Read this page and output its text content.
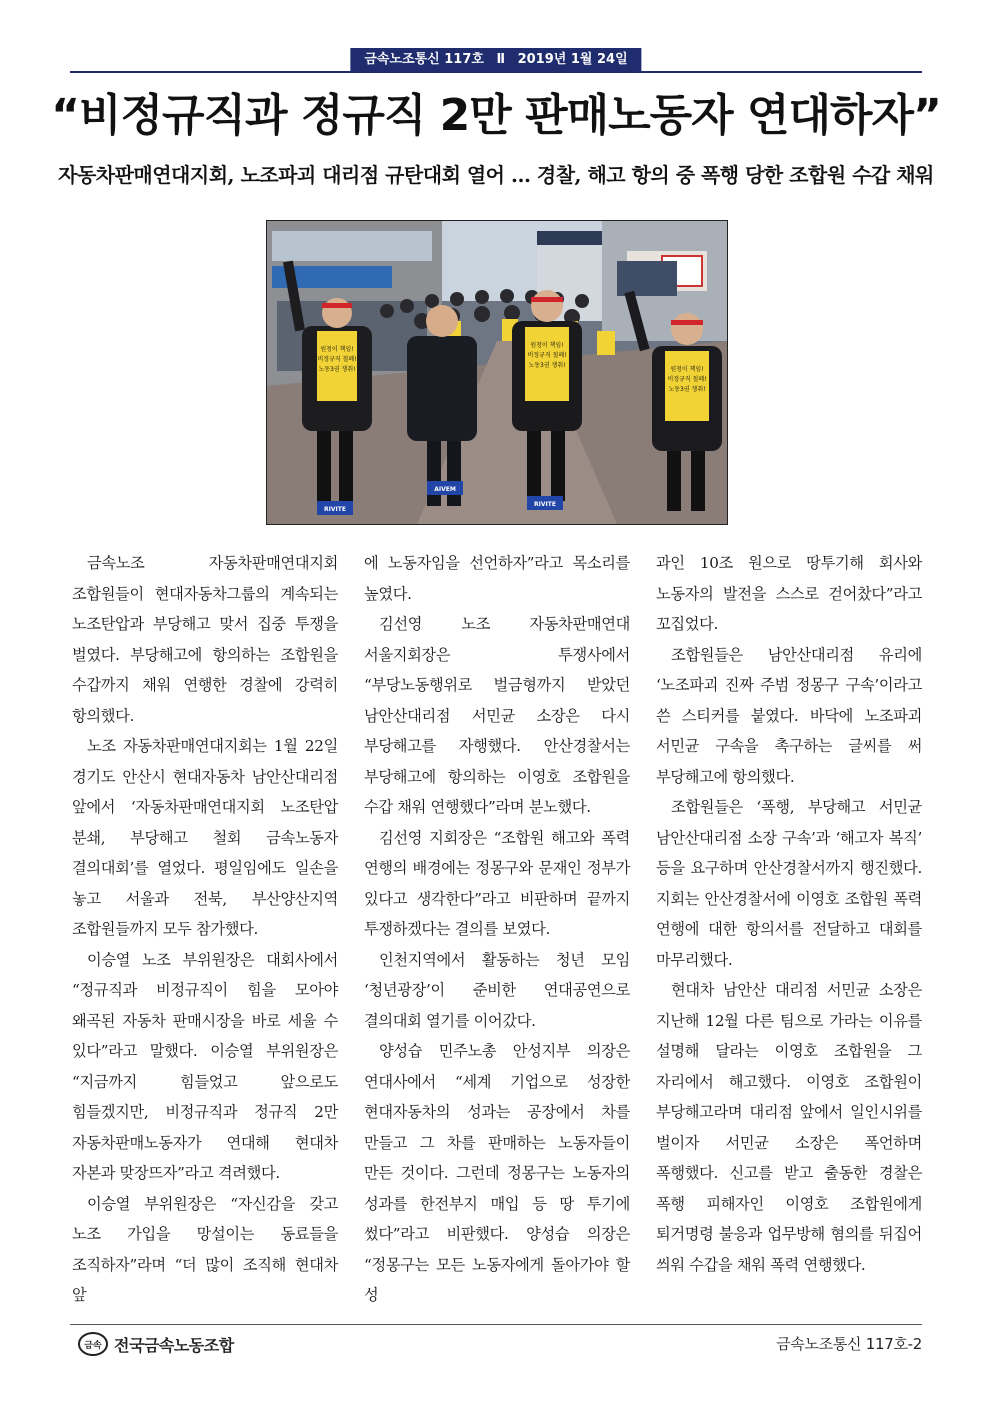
금속노조통신 117호 Ⅱ 2019년 1월 24일
“비정규직과 정규직 2만 판매노동자 연대하자”
자동차판매연대지회, 노조파괴 대리점 규탄대회 열어 … 경찰, 해고 항의 중 폭행 당한 조합원 수갑 채워
원청이 책임!
비정규직 철폐!
노동3권 쟁취!
원청이 책임!
비정규직 철폐!
노동3권 쟁취!
원청이 책임!
비정규직 철폐!
노동3권 쟁취!
RIVITE
AIVEM
RIVITE

금속노조 자동차판매연대지회 조합원들이 현대자동차그룹의 계속되는 노조탄압과 부당해고 맞서 집중 투쟁을 벌였다. 부당해고에 항의하는 조합원을 수갑까지 채워 연행한 경찰에 강력히 항의했다.

노조 자동차판매연대지회는 1월 22일 경기도 안산시 현대자동차 남안산대리점 앞에서 ‘자동차판매연대지회 노조탄압 분쇄, 부당해고 철회 금속노동자 결의대회’를 열었다. 평일임에도 일손을 놓고 서울과 전북, 부산양산지역 조합원들까지 모두 참가했다.

이승열 노조 부위원장은 대회사에서 “정규직과 비정규직이 힘을 모아야 왜곡된 자동차 판매시장을 바로 세울 수 있다”라고 말했다. 이승열 부위원장은 “지금까지 힘들었고 앞으로도 힘들겠지만, 비정규직과 정규직 2만 자동차판매노동자가 연대해 현대차 자본과 맞장뜨자”라고 격려했다.

이승열 부위원장은 “자신감을 갖고 노조 가입을 망설이는 동료들을 조직하자”라며 “더 많이 조직해 현대차 앞

에 노동자임을 선언하자”라고 목소리를 높였다.

김선영 노조 자동차판매연대 서울지회장은 투쟁사에서 “부당노동행위로 벌금형까지 받았던 남안산대리점 서민균 소장은 다시 부당해고를 자행했다. 안산경찰서는 부당해고에 항의하는 이영호 조합원을 수갑 채워 연행했다”라며 분노했다.

김선영 지회장은 “조합원 해고와 폭력 연행의 배경에는 정몽구와 문재인 정부가 있다고 생각한다”라고 비판하며 끝까지 투쟁하겠다는 결의를 보였다.

인천지역에서 활동하는 청년 모임 ‘청년광장’이 준비한 연대공연으로 결의대회 열기를 이어갔다.

양성습 민주노총 안성지부 의장은 연대사에서 “세계 기업으로 성장한 현대자동차의 성과는 공장에서 차를 만들고 그 차를 판매하는 노동자들이 만든 것이다. 그런데 정몽구는 노동자의 성과를 한전부지 매입 등 땅 투기에 썼다”라고 비판했다. 양성습 의장은 “정몽구는 모든 노동자에게 돌아가야 할 성

과인 10조 원으로 땅투기해 회사와 노동자의 발전을 스스로 걷어찼다”라고 꼬집었다.

조합원들은 남안산대리점 유리에 ‘노조파괴 진짜 주범 정몽구 구속’이라고 쓴 스티커를 붙였다. 바닥에 노조파괴 서민균 구속을 촉구하는 글씨를 써 부당해고에 항의했다.

조합원들은 ‘폭행, 부당해고 서민균 남안산대리점 소장 구속’과 ‘해고자 복직’ 등을 요구하며 안산경찰서까지 행진했다. 지회는 안산경찰서에 이영호 조합원 폭력 연행에 대한 항의서를 전달하고 대회를 마무리했다.

현대차 남안산 대리점 서민균 소장은 지난해 12월 다른 팀으로 가라는 이유를 설명해 달라는 이영호 조합원을 그 자리에서 해고했다. 이영호 조합원이 부당해고라며 대리점 앞에서 일인시위를 벌이자 서민균 소장은 폭언하며 폭행했다. 신고를 받고 출동한 경찰은 폭행 피해자인 이영호 조합원에게 퇴거명령 불응과 업무방해 혐의를 뒤집어 씌워 수갑을 채워 폭력 연행했다.

금속 전국금속노동조합	금속노조통신 117호-2
